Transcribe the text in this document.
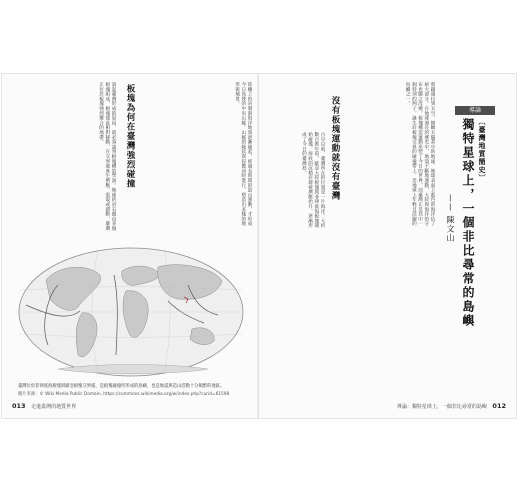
陸棚上的岩層與海洋地殼逐漸隆起，經過長時間的造山運動，才形成今日高聳的中央山脈。山脈的隆起與侵蝕同時進行，塑造出多樣的地形與地景。
板塊為何在臺灣強烈碰撞
說起臺灣形成的原因，就必須談到板塊構造學說。地球的岩石圈由多個板塊組成，板塊彼此相對移動，在交界處產生擠壓、張裂或錯動，臺灣正位於板塊強烈聚合的地帶。
臺灣位於菲律賓海板塊與歐亞板塊交界處，是板塊碰撞所形成的島嶼，也是地震與造山活動十分頻繁的地區。
圖片來源：© Wiki Media Public Domain, https://commons.wikimedia.org/w/index.php?curid=61598
013 走進臺灣的地質世界
導論
〔臺灣地質簡史〕
獨特星球上，一個非比尋常的島嶼
—— 陳文山
將鏡頭拉到太空，俯瞰太陽系中的地球，地球表面上藍色的海洋佔了絕大部分。在地球漫長的歷史中，地殼不斷地運動，大陸與海洋的分布也隨之改變。板塊構造運動形塑了今日的世界，而臺灣正是其中一個特別的例子，誕生於板塊交界的碰撞帶上，是地球上年輕且活躍的島嶼之一。
沒有板塊運動就沒有臺灣
古早以前，臺灣所在的位置是一片海洋。大約數百萬年前，歐亞大陸板塊與菲律賓海板塊開始碰撞，海底的沉積岩層被擠壓抬升，逐漸形成了今日的臺灣島。
導論：獨特星球上，一個非比尋常的島嶼 012
